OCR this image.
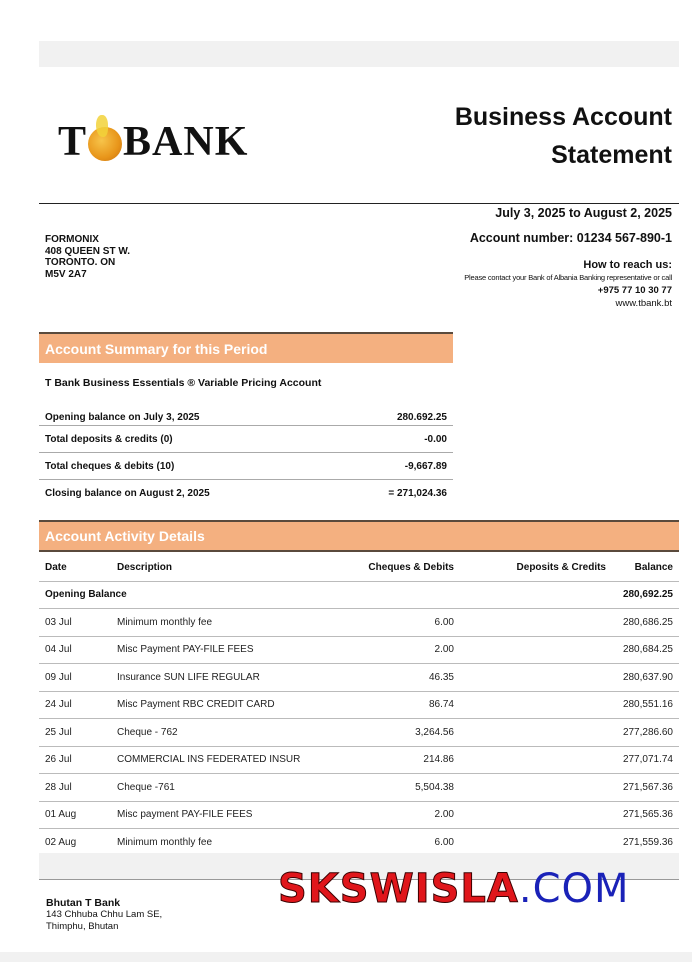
T BANK
Business Account
Statement
July 3, 2025 to August 2, 2025
Account number: 01234 567-890-1
How to reach us:
Please contact your Bank of Albania Banking representative or call
+975 77 10 30 77
www.tbank.bt
FORMONIX
408 QUEEN ST W.
TORONTO. ON
M5V 2A7
Account Summary for this Period
T Bank Business Essentials ® Variable Pricing Account
Opening balance on July 3, 2025	280.692.25
Total deposits & credits (0)	-0.00
Total cheques & debits (10)	-9,667.89
Closing balance on August 2, 2025	= 271,024.36
Account Activity Details
Date	Description	Cheques & Debits	Deposits & Credits	Balance
Opening Balance				280,692.25
03 Jul	Minimum monthly fee	6.00		280,686.25
04 Jul	Misc Payment PAY-FILE FEES	2.00		280,684.25
09 Jul	Insurance SUN LIFE REGULAR	46.35		280,637.90
24 Jul	Misc Payment RBC CREDIT CARD	86.74		280,551.16
25 Jul	Cheque - 762	3,264.56		277,286.60
26 Jul	COMMERCIAL INS FEDERATED INSUR	214.86		277,071.74
28 Jul	Cheque -761	5,504.38		271,567.36
01 Aug	Misc payment PAY-FILE FEES	2.00		271,565.36
02 Aug	Minimum monthly fee	6.00		271,559.36
Bhutan T Bank
143 Chhuba Chhu Lam SE,
Thimphu, Bhutan
SKSWISLA.COM
